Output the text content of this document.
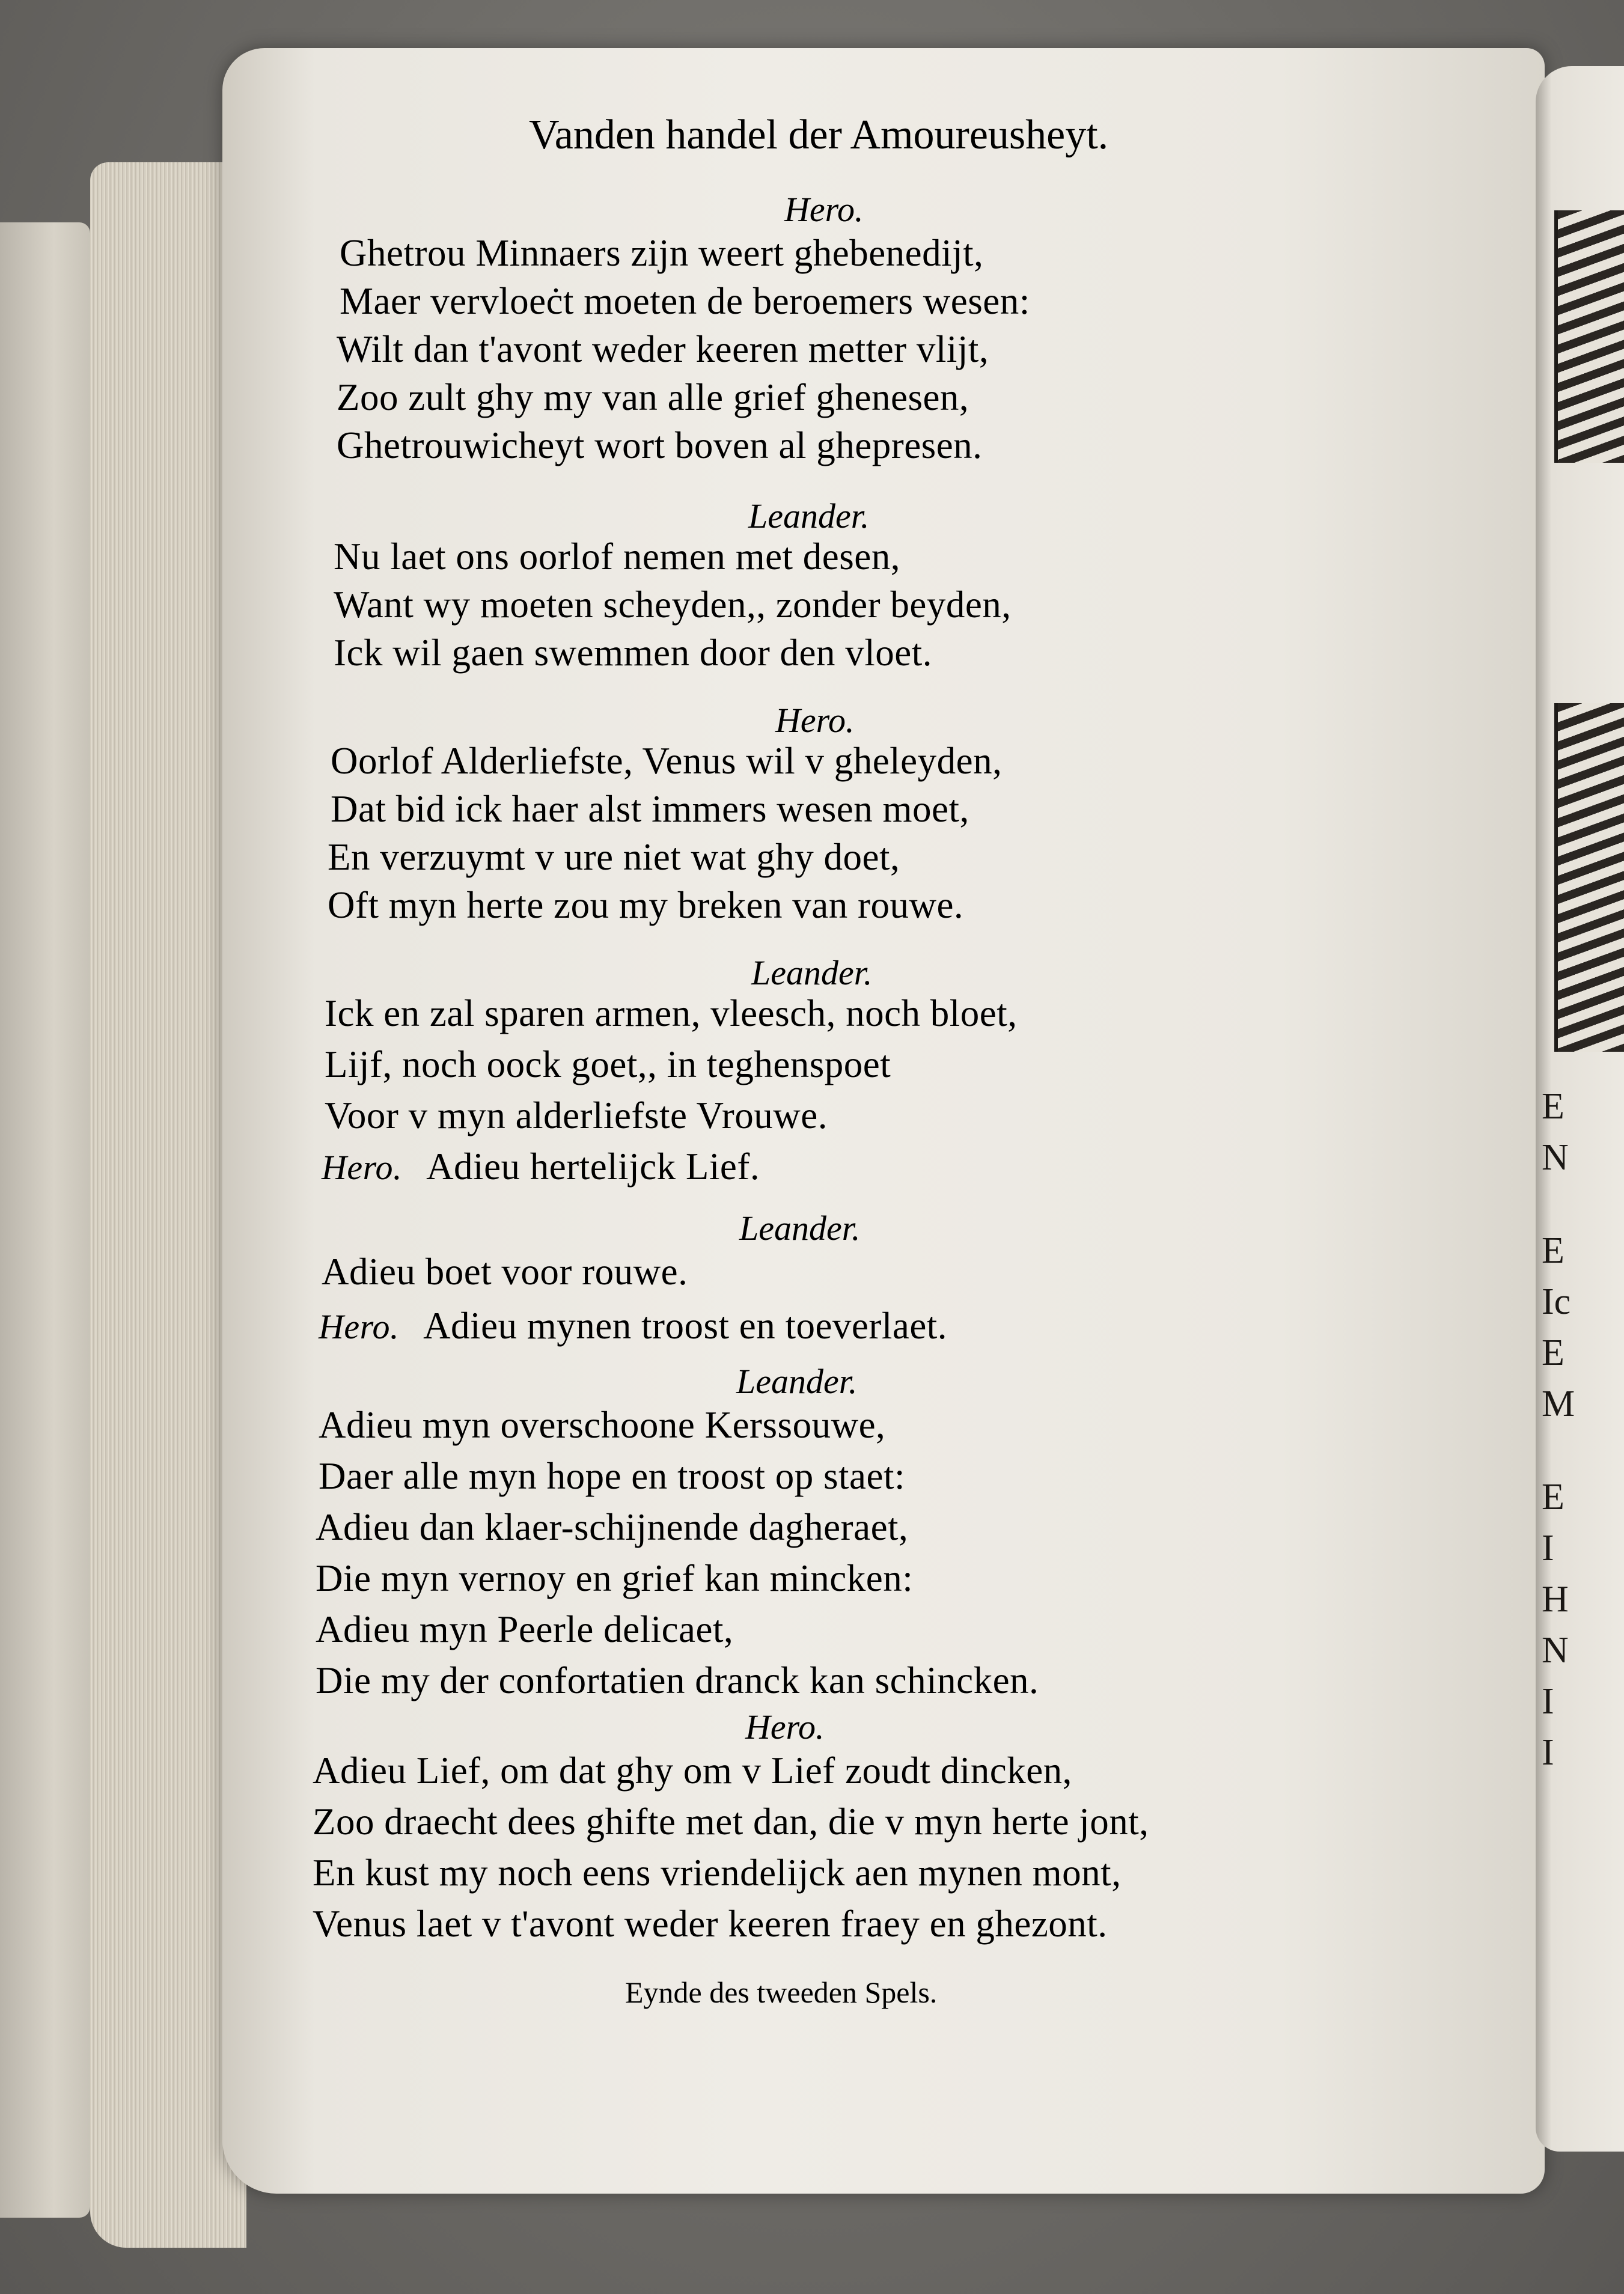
E
N
E
Ic
E
M
E
I
H
N
I
I
Vanden handel der Amoureusheyt.
Hero.
Ghetrou Minnaers zijn weert ghebenedijt,
Maer vervloeċt moeten de beroemers wesen:
Wilt dan t'avont weder keeren metter vlijt,
Zoo zult ghy my van alle grief ghenesen,
Ghetrouwicheyt wort boven al ghepresen.
Leander.
Nu laet ons oorlof nemen met desen,
Want wy moeten scheyden,, zonder beyden,
Ick wil gaen swemmen door den vloet.
Hero.
Oorlof Alderliefste, Venus wil v gheleyden,
Dat bid ick haer alst immers wesen moet,
En verzuymt v ure niet wat ghy doet,
Oft myn herte zou my breken van rouwe.
Leander.
Ick en zal sparen armen, vleesch, noch bloet,
Lijf, noch oock goet,, in teghenspoet
Voor v myn alderliefste Vrouwe.
Hero. Adieu hertelijck Lief.
Leander.
Adieu boet voor rouwe.
Hero. Adieu mynen troost en toeverlaet.
Leander.
Adieu myn overschoone Kerssouwe,
Daer alle myn hope en troost op staet:
Adieu dan klaer-schijnende dagheraet,
Die myn vernoy en grief kan mincken:
Adieu myn Peerle delicaet,
Die my der confortatien dranck kan schincken.
Hero.
Adieu Lief, om dat ghy om v Lief zoudt dincken,
Zoo draecht dees ghifte met dan, die v myn herte jont,
En kust my noch eens vriendelijck aen mynen mont,
Venus laet v t'avont weder keeren fraey en ghezont.
Eynde des tweeden Spels.
